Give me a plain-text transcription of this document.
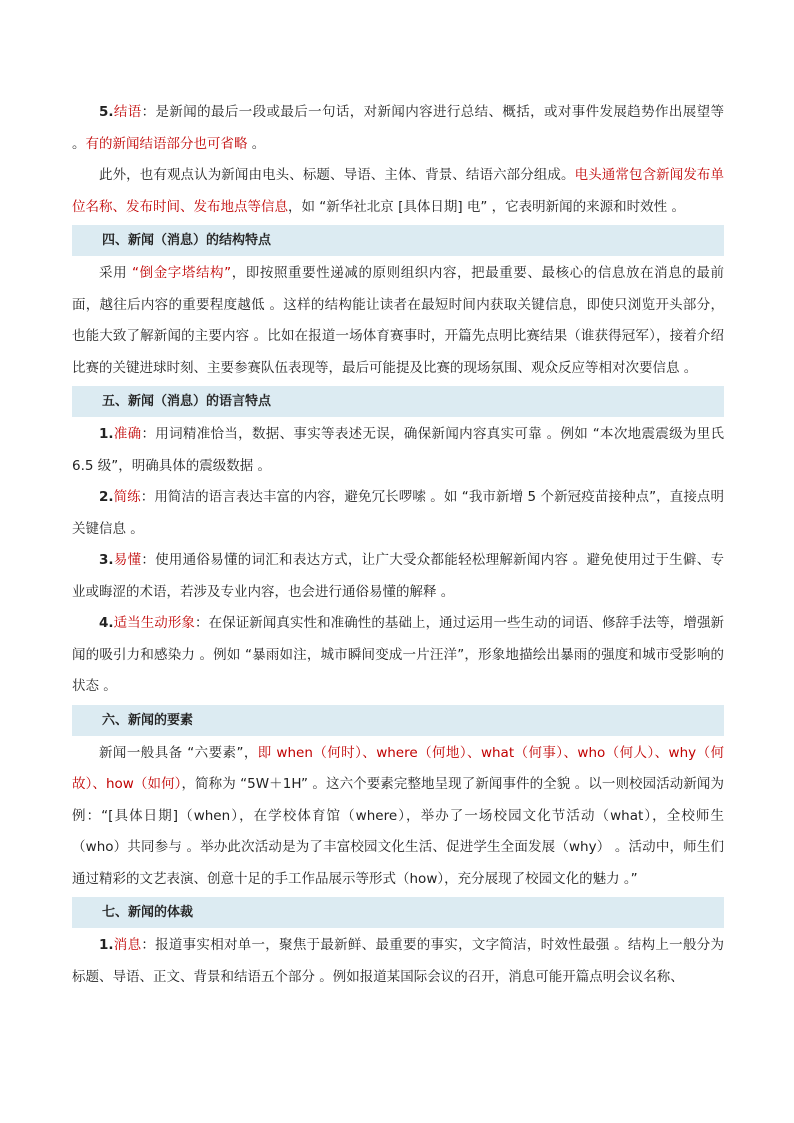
5.结语：是新闻的最后一段或最后一句话，对新闻内容进行总结、概括，或对事件发展趋势作出展望等 。有的新闻结语部分也可省略 。

此外，也有观点认为新闻由电头、标题、导语、主体、背景、结语六部分组成。电头通常包含新闻发布单位名称、发布时间、发布地点等信息，如 “新华社北京 [具体日期] 电” ，它表明新闻的来源和时效性 。

四、新闻（消息）的结构特点

采用 “倒金字塔结构”，即按照重要性递减的原则组织内容，把最重要、最核心的信息放在消息的最前面，越往后内容的重要程度越低 。这样的结构能让读者在最短时间内获取关键信息，即使只浏览开头部分，也能大致了解新闻的主要内容 。比如在报道一场体育赛事时，开篇先点明比赛结果（谁获得冠军），接着介绍比赛的关键进球时刻、主要参赛队伍表现等，最后可能提及比赛的现场氛围、观众反应等相对次要信息 。

五、新闻（消息）的语言特点

1.准确：用词精准恰当，数据、事实等表述无误，确保新闻内容真实可靠 。例如 “本次地震震级为里氏 6.5 级”，明确具体的震级数据 。

2.简练：用简洁的语言表达丰富的内容，避免冗长啰嗦 。如 “我市新增 5 个新冠疫苗接种点”，直接点明关键信息 。

3.易懂：使用通俗易懂的词汇和表达方式，让广大受众都能轻松理解新闻内容 。避免使用过于生僻、专业或晦涩的术语，若涉及专业内容，也会进行通俗易懂的解释 。

4.适当生动形象：在保证新闻真实性和准确性的基础上，通过运用一些生动的词语、修辞手法等，增强新闻的吸引力和感染力 。例如 “暴雨如注，城市瞬间变成一片汪洋”，形象地描绘出暴雨的强度和城市受影响的状态 。

六、新闻的要素

新闻一般具备 “六要素”，即 when（何时）、where（何地）、what（何事）、who（何人）、why（何故）、how（如何），简称为 “5W＋1H” 。这六个要素完整地呈现了新闻事件的全貌 。以一则校园活动新闻为例：“[具体日期]（when），在学校体育馆（where），举办了一场校园文化节活动（what），全校师生（who）共同参与 。举办此次活动是为了丰富校园文化生活、促进学生全面发展（why） 。活动中，师生们通过精彩的文艺表演、创意十足的手工作品展示等形式（how），充分展现了校园文化的魅力 。”

七、新闻的体裁

1.消息：报道事实相对单一，聚焦于最新鲜、最重要的事实，文字简洁，时效性最强 。结构上一般分为标题、导语、正文、背景和结语五个部分 。例如报道某国际会议的召开，消息可能开篇点明会议名称、
